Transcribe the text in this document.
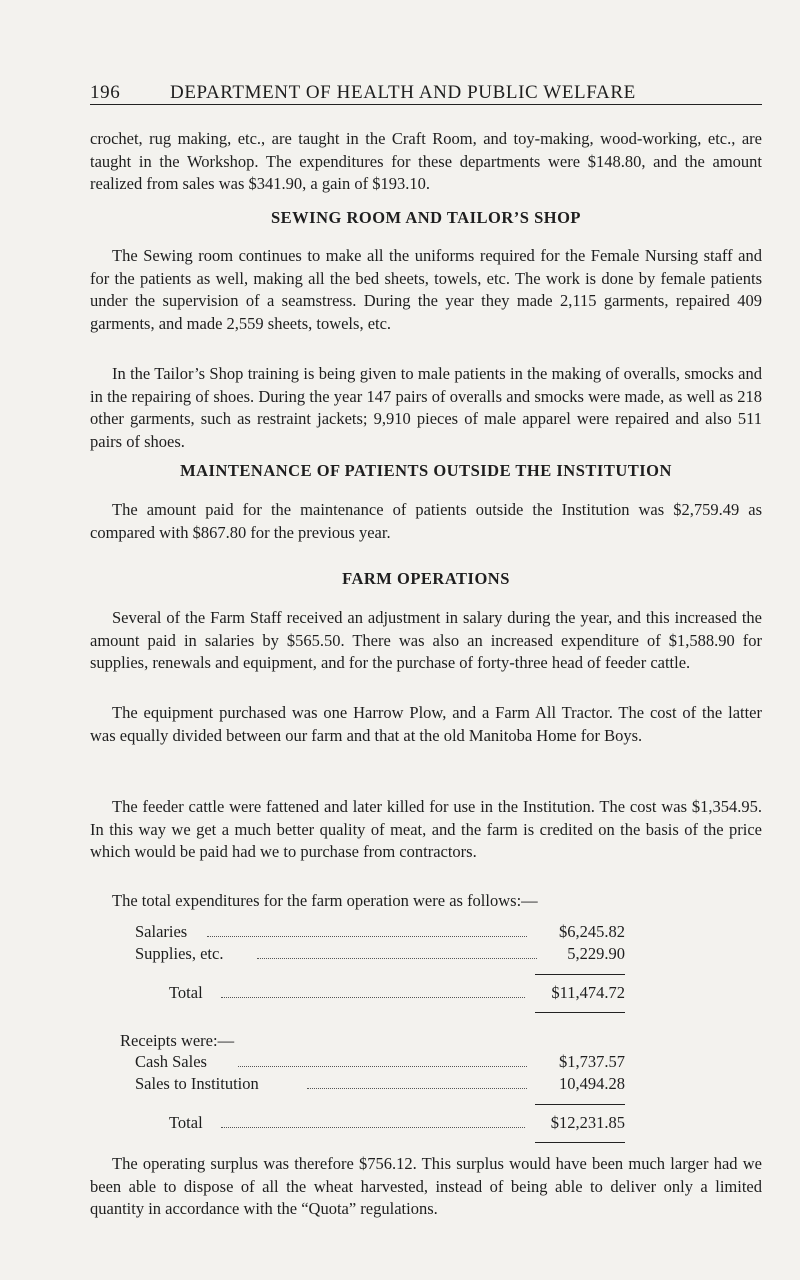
196	DEPARTMENT OF HEALTH AND PUBLIC WELFARE

crochet, rug making, etc., are taught in the Craft Room, and toy-making, wood-working, etc., are taught in the Workshop. The expenditures for these departments were $148.80, and the amount realized from sales was $341.90, a gain of $193.10.

SEWING ROOM AND TAILOR’S SHOP

The Sewing room continues to make all the uniforms required for the Female Nursing staff and for the patients as well, making all the bed sheets, towels, etc. The work is done by female patients under the supervision of a seamstress. During the year they made 2,115 garments, repaired 409 garments, and made 2,559 sheets, towels, etc.

In the Tailor’s Shop training is being given to male patients in the making of overalls, smocks and in the repairing of shoes. During the year 147 pairs of overalls and smocks were made, as well as 218 other garments, such as restraint jackets; 9,910 pieces of male apparel were repaired and also 511 pairs of shoes.

MAINTENANCE OF PATIENTS OUTSIDE THE INSTITUTION

The amount paid for the maintenance of patients outside the Institution was $2,759.49 as compared with $867.80 for the previous year.

FARM OPERATIONS

Several of the Farm Staff received an adjustment in salary during the year, and this increased the amount paid in salaries by $565.50. There was also an increased expenditure of $1,588.90 for supplies, renewals and equipment, and for the purchase of forty-three head of feeder cattle.

The equipment purchased was one Harrow Plow, and a Farm All Tractor. The cost of the latter was equally divided between our farm and that at the old Manitoba Home for Boys.

The feeder cattle were fattened and later killed for use in the Institution. The cost was $1,354.95. In this way we get a much better quality of meat, and the farm is credited on the basis of the price which would be paid had we to purchase from contractors.

The total expenditures for the farm operation were as follows:—

Salaries	$6,245.82
Supplies, etc.	5,229.90
Total	$11,474.72
Receipts were:—
Cash Sales	$1,737.57
Sales to Institution	10,494.28
Total	$12,231.85

The operating surplus was therefore $756.12. This surplus would have been much larger had we been able to dispose of all the wheat harvested, instead of being able to deliver only a limited quantity in accordance with the “Quota” regulations.
